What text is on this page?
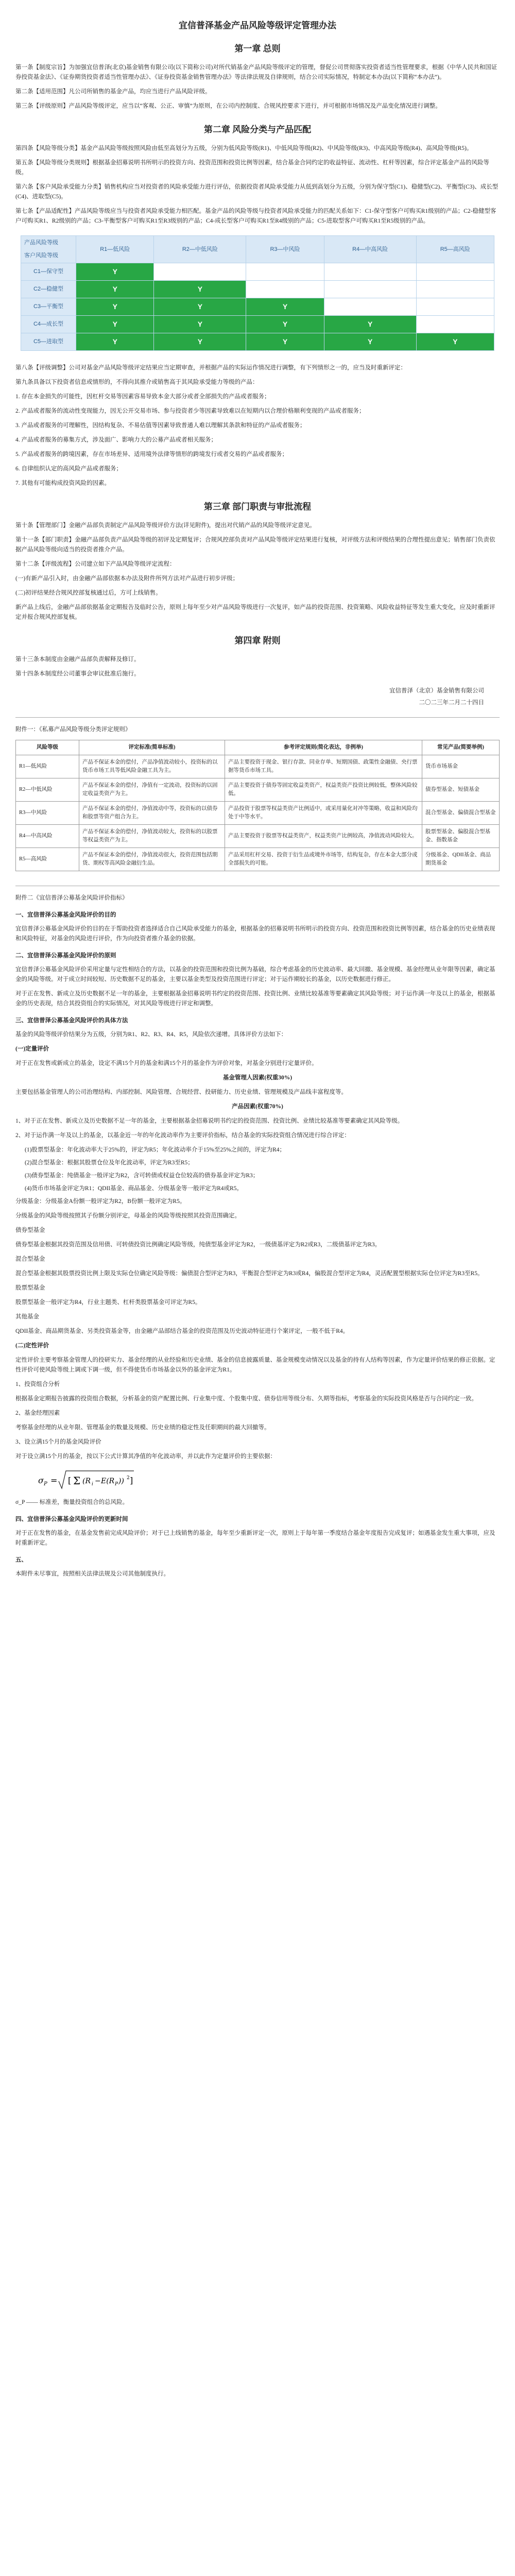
宜信普泽基金产品风险等级评定管理办法
第一章 总则

第一条【制度宗旨】为加强宜信普泽(北京)基金销售有限公司(以下简称公司)对所代销基金产品风险等级评定的管理，督促公司贯彻落实投资者适当性管理要求，根据《中华人民共和国证券投资基金法》、《证券期货投资者适当性管理办法》、《证券投资基金销售管理办法》等法律法规及自律规则，结合公司实际情况，特制定本办法(以下简称“本办法”)。

第二条【适用范围】凡公司所销售的基金产品，均应当进行产品风险评级。

第三条【评级原则】产品风险等级评定，应当以“客观、公正、审慎”为原则，在公司内控制度、合规风控要求下进行，并可根据市场情况及产品变化情况进行调整。

第二章 风险分类与产品匹配

第四条【风险等级分类】基金产品风险等级按照风险由低至高划分为五级，分别为低风险等级(R1)、中低风险等级(R2)、中风险等级(R3)、中高风险等级(R4)、高风险等级(R5)。

第五条【风险等级分类规则】根据基金招募说明书所明示的投资方向、投资范围和投资比例等因素，结合基金合同约定的收益特征、流动性、杠杆等因素，综合评定基金产品的风险等级。

第六条【客户风险承受能力分类】销售机构应当对投资者的风险承受能力进行评估，依据投资者风险承受能力从低到高划分为五级，分别为保守型(C1)、稳健型(C2)、平衡型(C3)、成长型(C4)、进取型(C5)。

第七条【产品适配性】产品风险等级应当与投资者风险承受能力相匹配。基金产品的风险等级与投资者风险承受能力的匹配关系如下：C1-保守型客户可购买R1级别的产品；C2-稳健型客户可购买R1、R2级别的产品；C3-平衡型客户可购买R1至R3级别的产品；C4-成长型客户可购买R1至R4级别的产品；C5-进取型客户可购买R1至R5级别的产品。

产品风险等级
客户风险等级	R1—低风险	R2—中低风险	R3—中风险	R4—中高风险	R5—高风险
C1—保守型	Y				
C2—稳健型	Y	Y			
C3—平衡型	Y	Y	Y		
C4—成长型	Y	Y	Y	Y	
C5—进取型	Y	Y	Y	Y	Y

第八条【评级调整】公司对基金产品风险等级评定结果应当定期审查，并根据产品的实际运作情况进行调整，有下列情形之一的，应当及时重新评定：

第九条具备以下投资者信息或情形的，不得向其推介或销售高于其风险承受能力等级的产品：

1. 存在本金损失的可能性，因杠杆交易等因素容易导致本金大部分或者全部损失的产品或者服务；

2. 产品或者服务的流动性变现能力，因无公开交易市场、参与投资者少等因素导致难以在短期内以合理价格顺利变现的产品或者服务；

3. 产品或者服务的可理解性，因结构复杂、不易估值等因素导致普通人难以理解其条款和特征的产品或者服务；

4. 产品或者服务的募集方式，涉及面广、影响力大的公募产品或者相关服务；

5. 产品或者服务的跨境因素，存在市场差异、适用境外法律等情形的跨境发行或者交易的产品或者服务；

6. 自律组织认定的高风险产品或者服务；

7. 其他有可能构成投资风险的因素。

第三章 部门职责与审批流程

第十条【管理部门】金融产品部负责制定产品风险等级评价方法(详见附件)，提出对代销产品的风险等级评定意见。

第十一条【部门职责】金融产品部负责产品风险等级的初评及定期复评；合规风控部负责对产品风险等级评定结果进行复核，对评级方法和评级结果的合理性提出意见；销售部门负责依据产品风险等级向适当的投资者推介产品。

第十二条【评级流程】公司建立如下产品风险等级评定流程：

(一)有新产品引入时，由金融产品部依据本办法及附件所列方法对产品进行初步评级；

(二)初评结果经合规风控部复核通过后，方可上线销售。

新产品上线后，金融产品部依据基金定期报告及临时公告，原则上每年至少对产品风险等级进行一次复评，如产品的投资范围、投资策略、风险收益特征等发生重大变化，应及时重新评定并报合规风控部复核。

第四章 附则

第十三条本制度由金融产品部负责解释及修订。

第十四条本制度经公司董事会审议批准后施行。

宜信普泽（北京）基金销售有限公司
二〇二三年二月二十四日

附件一：《私募产品风险等级分类评定规则》

风险等级	评定标准(简单标准)	参考评定规则(简化表达，非例举)	常见产品(简要举例)
R1—低风险	产品不保证本金的偿付，产品净值波动较小，投资标的以货币市场工具等低风险金融工具为主。	产品主要投资于现金、银行存款、同业存单、短期国债、政策性金融债、央行票据等货币市场工具。	货币市场基金
R2—中低风险	产品不保证本金的偿付，净值有一定波动，投资标的以固定收益类资产为主。	产品主要投资于债券等固定收益类资产，权益类资产投资比例较低，整体风险较低。	债券型基金、短债基金
R3—中风险	产品不保证本金的偿付，净值波动中等，投资标的以债券和股票等资产组合为主。	产品投资于股票等权益类资产比例适中，或采用量化对冲等策略，收益和风险均处于中等水平。	混合型基金、偏债混合型基金
R4—中高风险	产品不保证本金的偿付，净值波动较大，投资标的以股票等权益类资产为主。	产品主要投资于股票等权益类资产，权益类资产比例较高，净值波动风险较大。	股票型基金、偏股混合型基金、指数基金
R5—高风险	产品不保证本金的偿付，净值波动很大，投资范围包括期货、期权等高风险金融衍生品。	产品采用杠杆交易、投资于衍生品或境外市场等，结构复杂，存在本金大部分或全部损失的可能。	分级基金、QDII基金、商品期货基金

附件二《宜信普泽公募基金风险评价指标》

一、宜信普泽公募基金风险评价的目的

宜信普泽公募基金风险评价的目的在于帮助投资者选择适合自己风险承受能力的基金，根据基金的招募说明书所明示的投资方向、投资范围和投资比例等因素，结合基金的历史业绩表现和风险特征，对基金的风险进行评价，作为向投资者推介基金的依据。

二、宜信普泽公募基金风险评价的原则

宜信普泽公募基金风险评价采用定量与定性相结合的方法，以基金的投资范围和投资比例为基础，综合考虑基金的历史波动率、最大回撤、基金规模、基金经理从业年限等因素，确定基金的风险等级。对于成立时间较短、历史数据不足的基金，主要以基金类型及投资范围进行评定；对于运作期较长的基金，以历史数据进行修正。

对于正在发售、新成立及历史数据不足一年的基金，主要根据基金招募说明书约定的投资范围、投资比例、业绩比较基准等要素确定其风险等级；对于运作满一年及以上的基金，根据基金的历史表现，结合其投资组合的实际情况，对其风险等级进行评定和调整。

三、宜信普泽公募基金风险评价的具体方法

基金的风险等级评价结果分为五级，分别为R1、R2、R3、R4、R5，风险依次递增。具体评价方法如下：

(一)定量评价

对于正在发售或新成立的基金，设定不满15个月的基金和满15个月的基金作为评价对象，对基金分别进行定量评价。

基金管理人因素(权重30%)

主要包括基金管理人的公司治理结构、内部控制、风险管理、合规经营、投研能力、历史业绩、管理规模及产品线丰富程度等。

产品因素(权重70%)

1、对于正在发售、新成立及历史数据不足一年的基金，主要根据基金招募说明书约定的投资范围、投资比例、业绩比较基准等要素确定其风险等级。

2、对于运作满一年及以上的基金，以基金近一年的年化波动率作为主要评价指标，结合基金的实际投资组合情况进行综合评定：

(1)股票型基金：年化波动率大于25%的，评定为R5；年化波动率介于15%至25%之间的，评定为R4；

(2)混合型基金：根据其股票仓位及年化波动率，评定为R3至R5；

(3)债券型基金：纯债基金一般评定为R2，含可转债或权益仓位较高的债券基金评定为R3；

(4)货币市场基金评定为R1；QDII基金、商品基金、分级基金等一般评定为R4或R5。

分级基金：分级基金A份额一般评定为R2，B份额一般评定为R5。

分级基金的风险等级按照其子份额分别评定，母基金的风险等级按照其投资范围确定。

债券型基金

债券型基金根据其投资范围及信用债、可转债投资比例确定风险等级，纯债型基金评定为R2，一级债基评定为R2或R3，二级债基评定为R3。

混合型基金

混合型基金根据其股票投资比例上限及实际仓位确定风险等级：偏债混合型评定为R3，平衡混合型评定为R3或R4，偏股混合型评定为R4，灵活配置型根据实际仓位评定为R3至R5。

股票型基金

股票型基金一般评定为R4，行业主题类、杠杆类股票基金可评定为R5。

其他基金

QDII基金、商品期货基金、另类投资基金等，由金融产品部结合基金的投资范围及历史波动特征进行个案评定，一般不低于R4。

(二)定性评价

定性评价主要考察基金管理人的投研实力、基金经理的从业经验和历史业绩、基金的信息披露质量、基金规模变动情况以及基金的持有人结构等因素，作为定量评价结果的修正依据。定性评价可使风险等级上调或下调一级，但不得使货币市场基金以外的基金评定为R1。

1、投资组合分析

根据基金定期报告披露的投资组合数据，分析基金的资产配置比例、行业集中度、个股集中度、债券信用等级分布、久期等指标，考察基金的实际投资风格是否与合同约定一致。

2、基金经理因素

考察基金经理的从业年限、管理基金的数量及规模、历史业绩的稳定性及任职期间的最大回撤等。

3、设立满15个月的基金风险评价

对于设立满15个月的基金，按以下公式计算其净值的年化波动率，并以此作为定量评价的主要依据：

σ P = [ Σ (R i − E(R P )) 2 ]

σ_P —— 标准差，衡量投资组合的总风险。

四、宜信普泽公募基金风险评价的更新时间

对于正在发售的基金，在基金发售前完成风险评价；对于已上线销售的基金，每年至少重新评定一次，原则上于每年第一季度结合基金年度报告完成复评；如遇基金发生重大事项，应及时重新评定。

五、

本附件未尽事宜，按照相关法律法规及公司其他制度执行。
